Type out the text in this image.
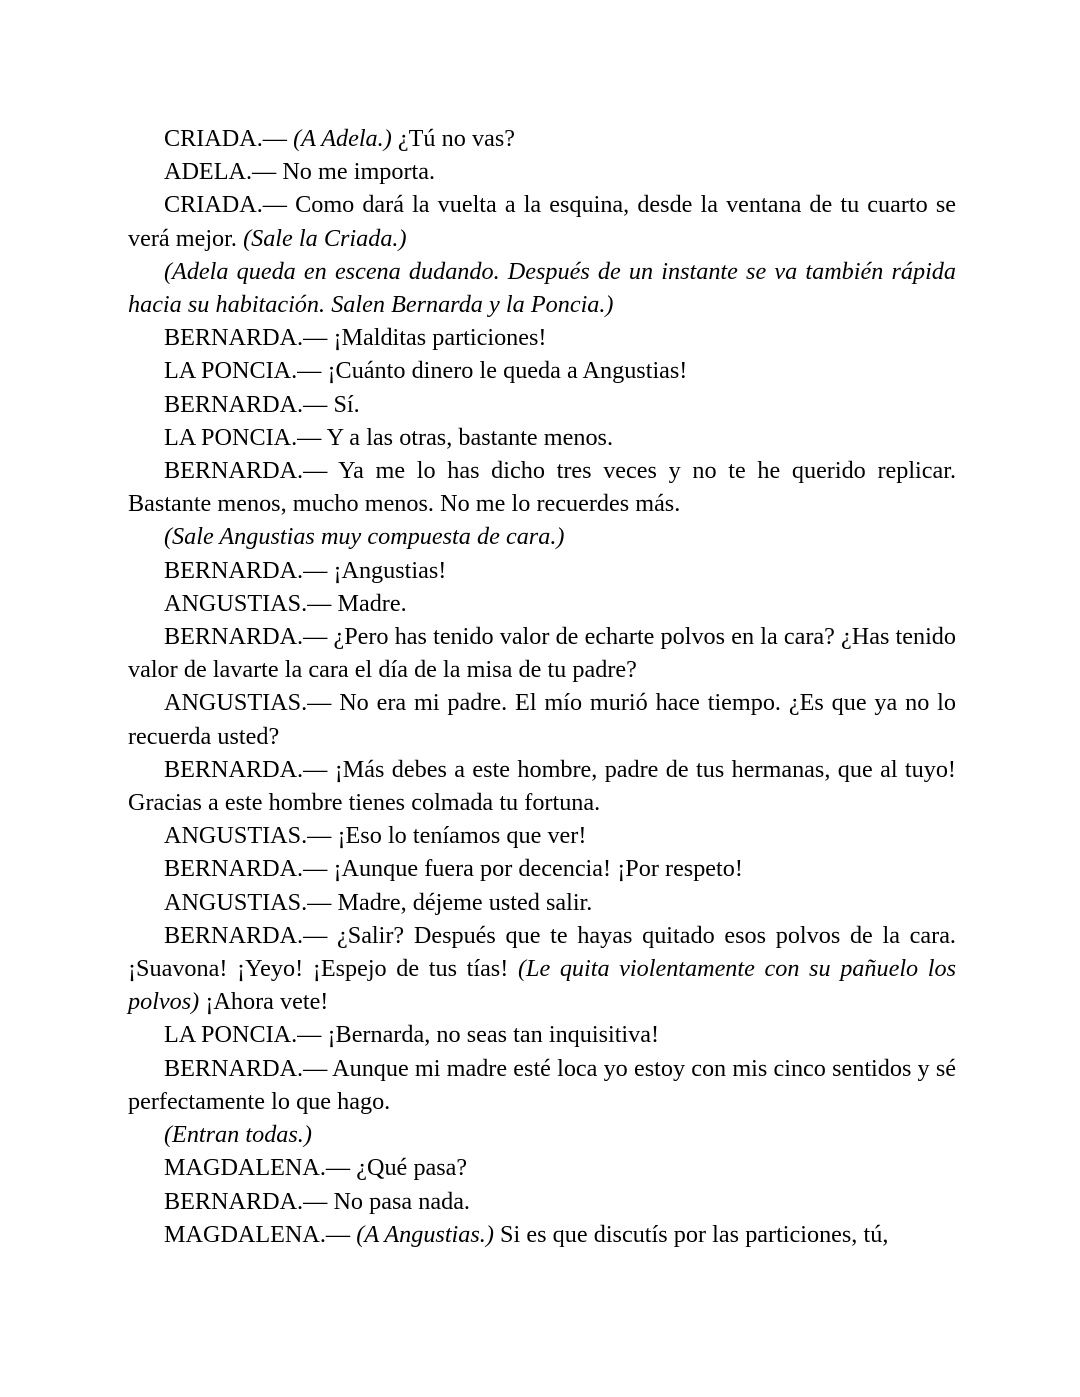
CRIADA.— (A Adela.) ¿Tú no vas?

ADELA.— No me importa.

CRIADA.— Como dará la vuelta a la esquina, desde la ventana de tu cuarto se verá mejor. (Sale la Criada.)

(Adela queda en escena dudando. Después de un instante se va también rápida hacia su habitación. Salen Bernarda y la Poncia.)

BERNARDA.— ¡Malditas particiones!

LA PONCIA.— ¡Cuánto dinero le queda a Angustias!

BERNARDA.— Sí.

LA PONCIA.— Y a las otras, bastante menos.

BERNARDA.— Ya me lo has dicho tres veces y no te he querido replicar. Bastante menos, mucho menos. No me lo recuerdes más.

(Sale Angustias muy compuesta de cara.)

BERNARDA.— ¡Angustias!

ANGUSTIAS.— Madre.

BERNARDA.— ¿Pero has tenido valor de echarte polvos en la cara? ¿Has tenido valor de lavarte la cara el día de la misa de tu padre?

ANGUSTIAS.— No era mi padre. El mío murió hace tiempo. ¿Es que ya no lo recuerda usted?

BERNARDA.— ¡Más debes a este hombre, padre de tus hermanas, que al tuyo! Gracias a este hombre tienes colmada tu fortuna.

ANGUSTIAS.— ¡Eso lo teníamos que ver!

BERNARDA.— ¡Aunque fuera por decencia! ¡Por respeto!

ANGUSTIAS.— Madre, déjeme usted salir.

BERNARDA.— ¿Salir? Después que te hayas quitado esos polvos de la cara. ¡Suavona! ¡Yeyo! ¡Espejo de tus tías! (Le quita violentamente con su pañuelo los polvos) ¡Ahora vete!

LA PONCIA.— ¡Bernarda, no seas tan inquisitiva!

BERNARDA.— Aunque mi madre esté loca yo estoy con mis cinco sentidos y sé perfectamente lo que hago.

(Entran todas.)

MAGDALENA.— ¿Qué pasa?

BERNARDA.— No pasa nada.

MAGDALENA.— (A Angustias.) Si es que discutís por las particiones, tú,
